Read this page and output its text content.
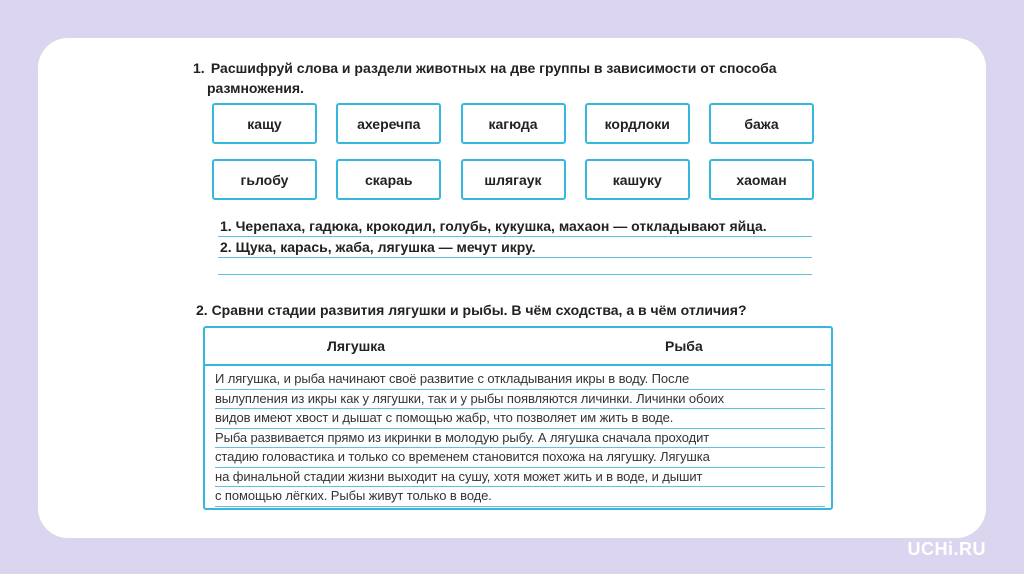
1. Расшифруй слова и раздели животных на две группы в зависимости от способа
размножения.
кащу	ахеречпа	кагюда	кордлоки	бажа
гьлобу	скараь	шлягаук	кашуку	хаоман
1. Черепаха, гадюка, крокодил, голубь, кукушка, махаон — откладывают яйца.
2. Щука, карась, жаба, лягушка — мечут икру.
2. Сравни стадии развития лягушки и рыбы. В чём сходства, а в чём отличия?
Лягушка	Рыба
И лягушка, и рыба начинают своё развитие с откладывания икры в воду. После
вылупления из икры как у лягушки, так и у рыбы появляются личинки. Личинки обоих
видов имеют хвост и дышат с помощью жабр, что позволяет им жить в воде.
Рыба развивается прямо из икринки в молодую рыбу. А лягушка сначала проходит
стадию головастика и только со временем становится похожа на лягушку. Лягушка
на финальной стадии жизни выходит на сушу, хотя может жить и в воде, и дышит
с помощью лёгких. Рыбы живут только в воде.
UCHi.RU
